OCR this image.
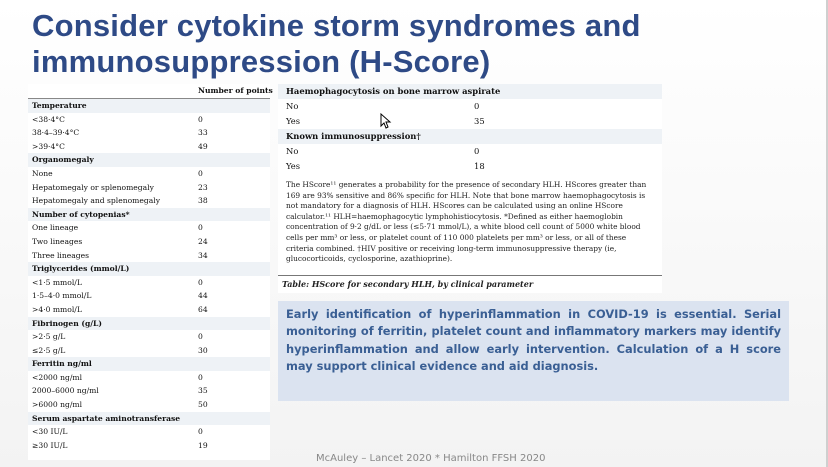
Consider cytokine storm syndromes and immunosuppression (H-Score)
Number of points
Temperature
<38·4°C	0
38·4–39·4°C	33
>39·4°C	49
Organomegaly
None	0
Hepatomegaly or splenomegaly	23
Hepatomegaly and splenomegaly	38
Number of cytopenias*
One lineage	0
Two lineages	24
Three lineages	34
Triglycerides (mmol/L)
<1·5 mmol/L	0
1·5–4·0 mmol/L	44
>4·0 mmol/L	64
Fibrinogen (g/L)
>2·5 g/L	0
≤2·5 g/L	30
Ferritin ng/ml
<2000 ng/ml	0
2000–6000 ng/ml	35
>6000 ng/ml	50
Serum aspartate aminotransferase
<30 IU/L	0
≥30 IU/L	19
Haemophagocytosis on bone marrow aspirate
No	0
Yes	35
Known immunosuppression†
No	0
Yes	18
The HScore¹¹ generates a probability for the presence of secondary HLH. HScores greater than 169 are 93% sensitive and 86% specific for HLH. Note that bone marrow haemophagocytosis is not mandatory for a diagnosis of HLH. HScores can be calculated using an online HScore calculator.¹¹ HLH=haemophagocytic lymphohistiocytosis. *Defined as either haemoglobin concentration of 9·2 g/dL or less (≤5·71 mmol/L), a white blood cell count of 5000 white blood cells per mm³ or less, or platelet count of 110 000 platelets per mm³ or less, or all of these criteria combined. †HIV positive or receiving long-term immunosuppressive therapy (ie, glucocorticoids, cyclosporine, azathioprine).
Table: HScore for secondary HLH, by clinical parameter
Early identification of hyperinflammation in COVID-19 is essential. Serial monitoring of ferritin, platelet count and inflammatory markers may identify hyperinflammation and allow early intervention. Calculation of a H score may support clinical evidence and aid diagnosis.
McAuley – Lancet 2020 * Hamilton FFSH 2020
